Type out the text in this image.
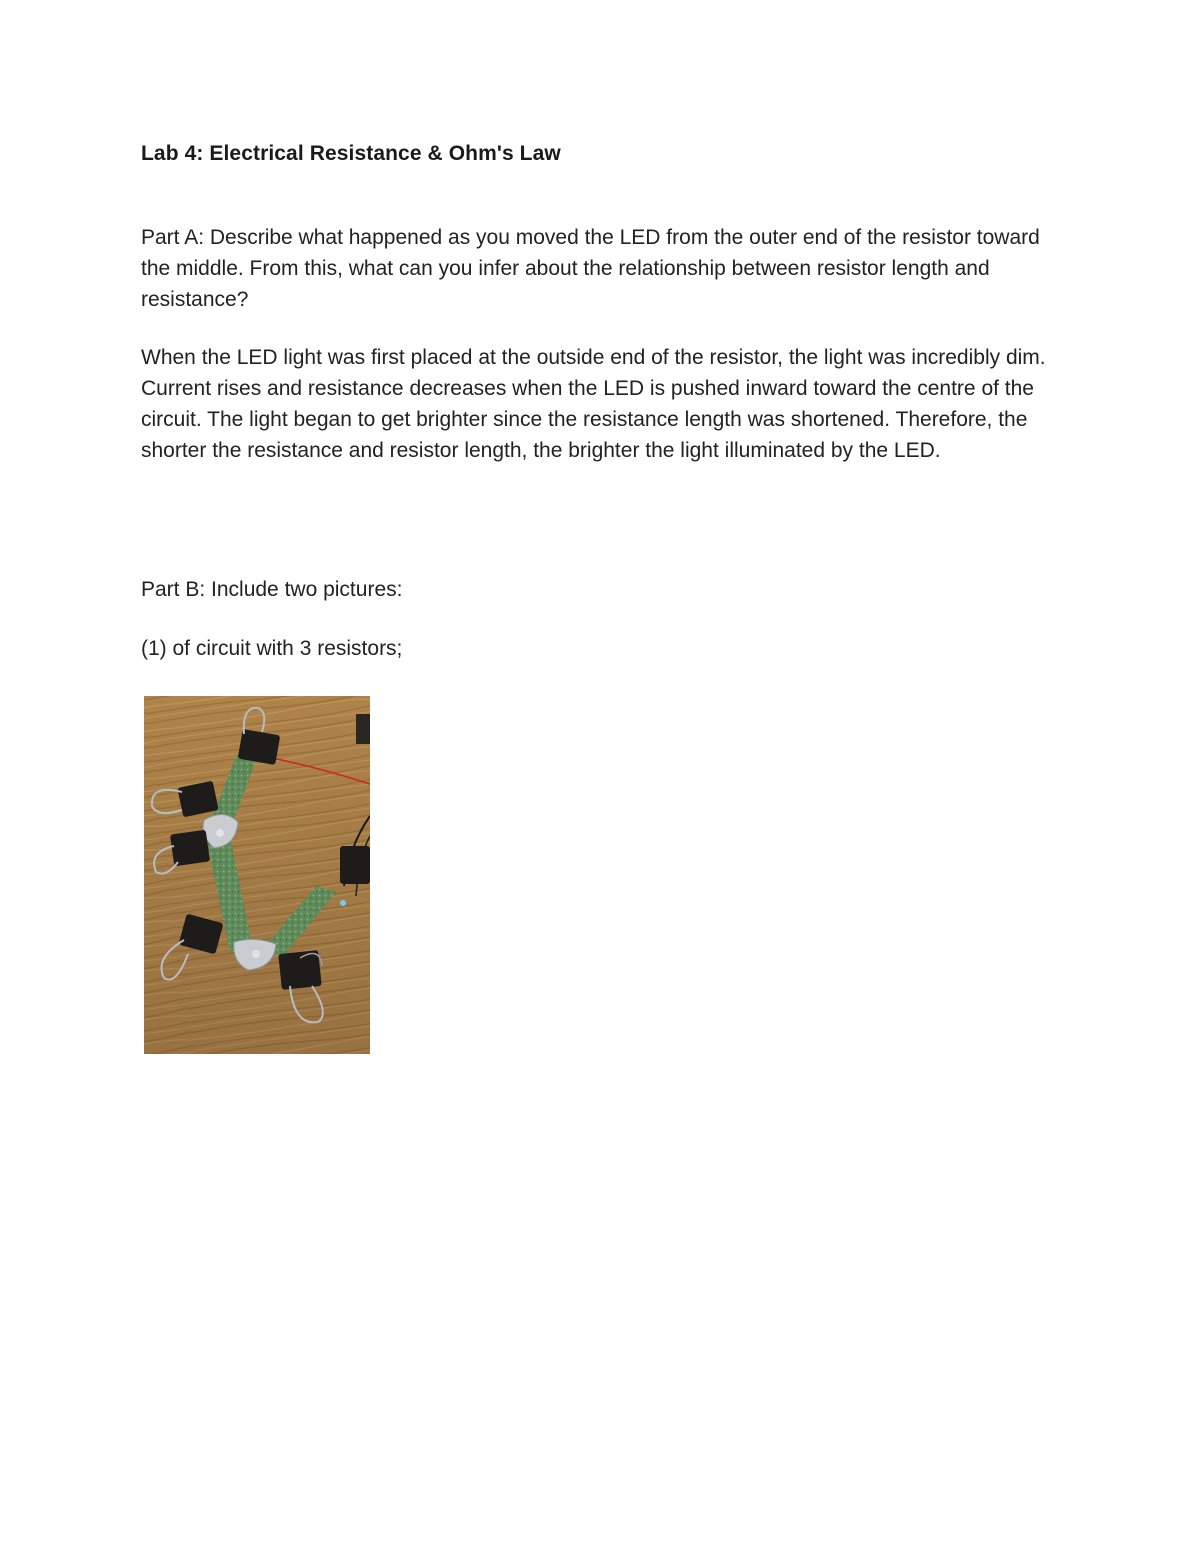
Lab 4: Electrical Resistance & Ohm's Law

Part A: Describe what happened as you moved the LED from the outer end of the resistor toward the middle. From this, what can you infer about the relationship between resistor length and resistance?

When the LED light was first placed at the outside end of the resistor, the light was incredibly dim. Current rises and resistance decreases when the LED is pushed inward toward the centre of the circuit. The light began to get brighter since the resistance length was shortened. Therefore, the shorter the resistance and resistor length, the brighter the light illuminated by the LED.

Part B: Include two pictures:

(1) of circuit with 3 resistors;
